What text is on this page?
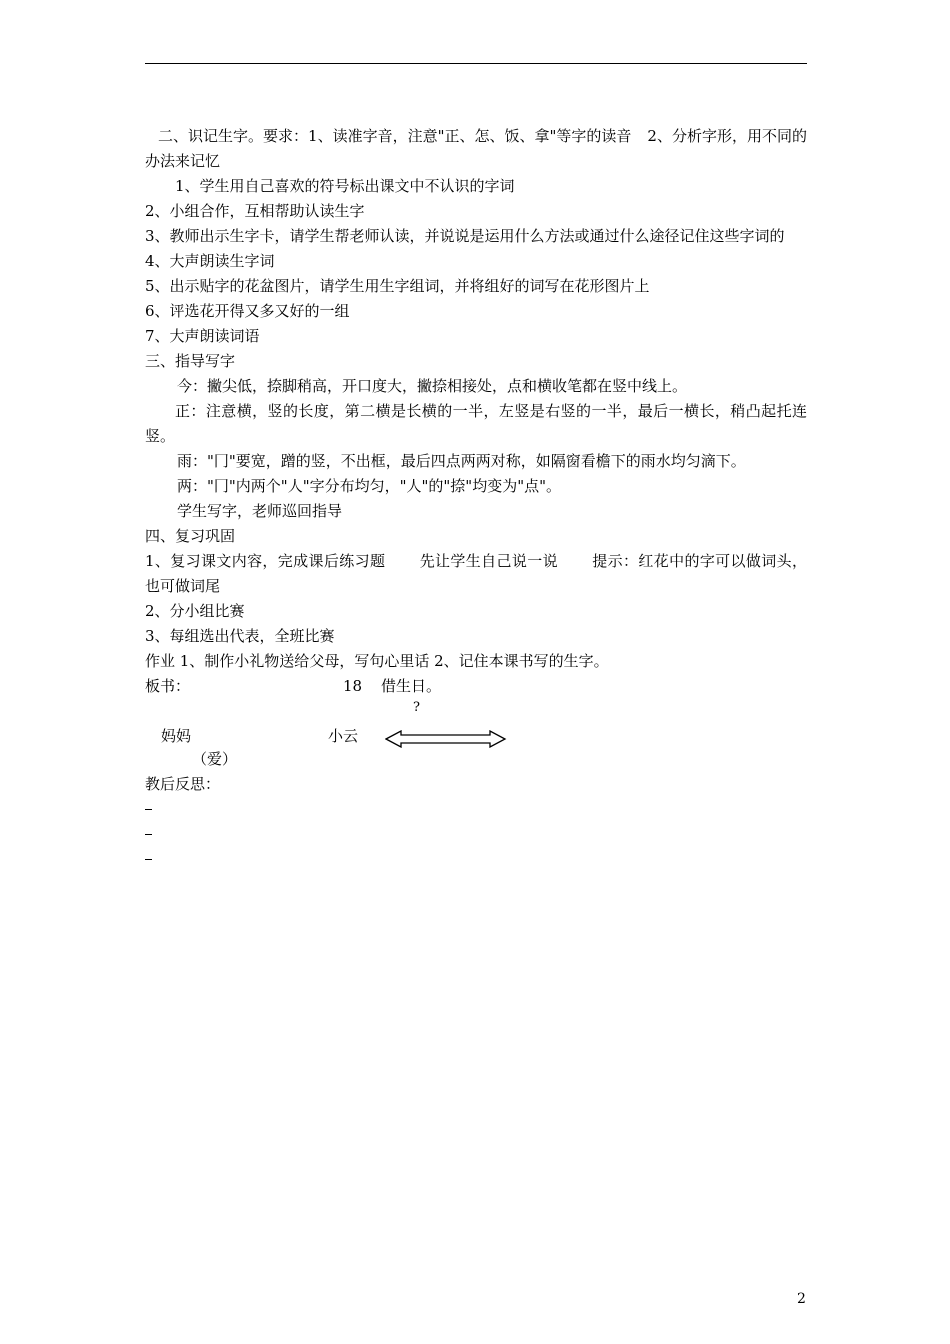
二、识记生字。要求：1、读准字音，注意"正、怎、饭、拿"等字的读音 2、分析字形，用不同的办法来记忆

1、学生用自己喜欢的符号标出课文中不认识的字词

2、小组合作，互相帮助认读生字

3、教师出示生字卡，请学生帮老师认读，并说说是运用什么方法或通过什么途径记住这些字词的

4、大声朗读生字词

5、出示贴字的花盆图片，请学生用生字组词，并将组好的词写在花形图片上

6、评选花开得又多又好的一组

7、大声朗读词语

三、指导写字

今：撇尖低，捺脚稍高，开口度大，撇捺相接处，点和横收笔都在竖中线上。

正：注意横，竖的长度，第二横是长横的一半，左竖是右竖的一半，最后一横长，稍凸起托连竖。

雨："冂"要宽，蹭的竖，不出框，最后四点两两对称，如隔窗看檐下的雨水均匀滴下。

两："冂"内两个"人"字分布均匀，"人"的"捺"均变为"点"。

学生写字，老师巡回指导

四、复习巩固

1、复习课文内容，完成课后练习题 先让学生自己说一说 提示：红花中的字可以做词头，也可做词尾

2、分小组比赛

3、每组选出代表，全班比赛

作业 1、制作小礼物送给父母，写句心里话 2、记住本课书写的生字。

板书：	18 借生日。
?
妈妈	小云

（爱）

教后反思：

2
